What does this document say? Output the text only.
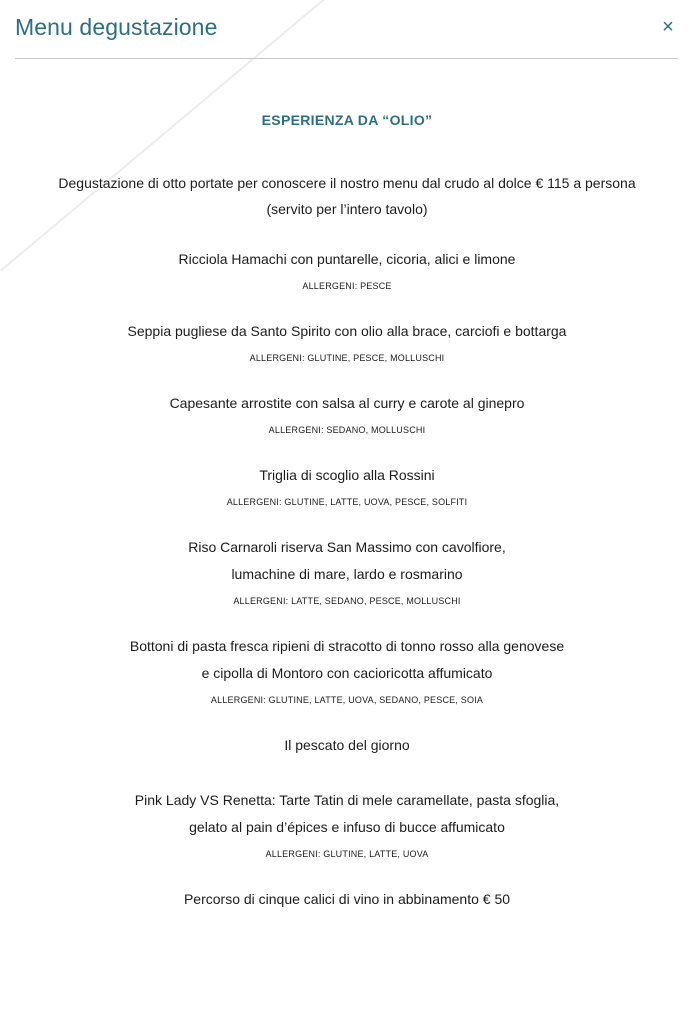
Menu degustazione	×
ESPERIENZA DA “OLIO”
Degustazione di otto portate per conoscere il nostro menu dal crudo al dolce € 115 a persona
(servito per l’intero tavolo)
Ricciola Hamachi con puntarelle, cicoria, alici e limone
ALLERGENI: PESCE
Seppia pugliese da Santo Spirito con olio alla brace, carciofi e bottarga
ALLERGENI: GLUTINE, PESCE, MOLLUSCHI
Capesante arrostite con salsa al curry e carote al ginepro
ALLERGENI: SEDANO, MOLLUSCHI
Triglia di scoglio alla Rossini
ALLERGENI: GLUTINE, LATTE, UOVA, PESCE, SOLFITI
Riso Carnaroli riserva San Massimo con cavolfiore,
lumachine di mare, lardo e rosmarino
ALLERGENI: LATTE, SEDANO, PESCE, MOLLUSCHI
Bottoni di pasta fresca ripieni di stracotto di tonno rosso alla genovese
e cipolla di Montoro con cacioricotta affumicato
ALLERGENI: GLUTINE, LATTE, UOVA, SEDANO, PESCE, SOIA
Il pescato del giorno
Pink Lady VS Renetta: Tarte Tatin di mele caramellate, pasta sfoglia,
gelato al pain d’épices e infuso di bucce affumicato
ALLERGENI: GLUTINE, LATTE, UOVA
Percorso di cinque calici di vino in abbinamento € 50
